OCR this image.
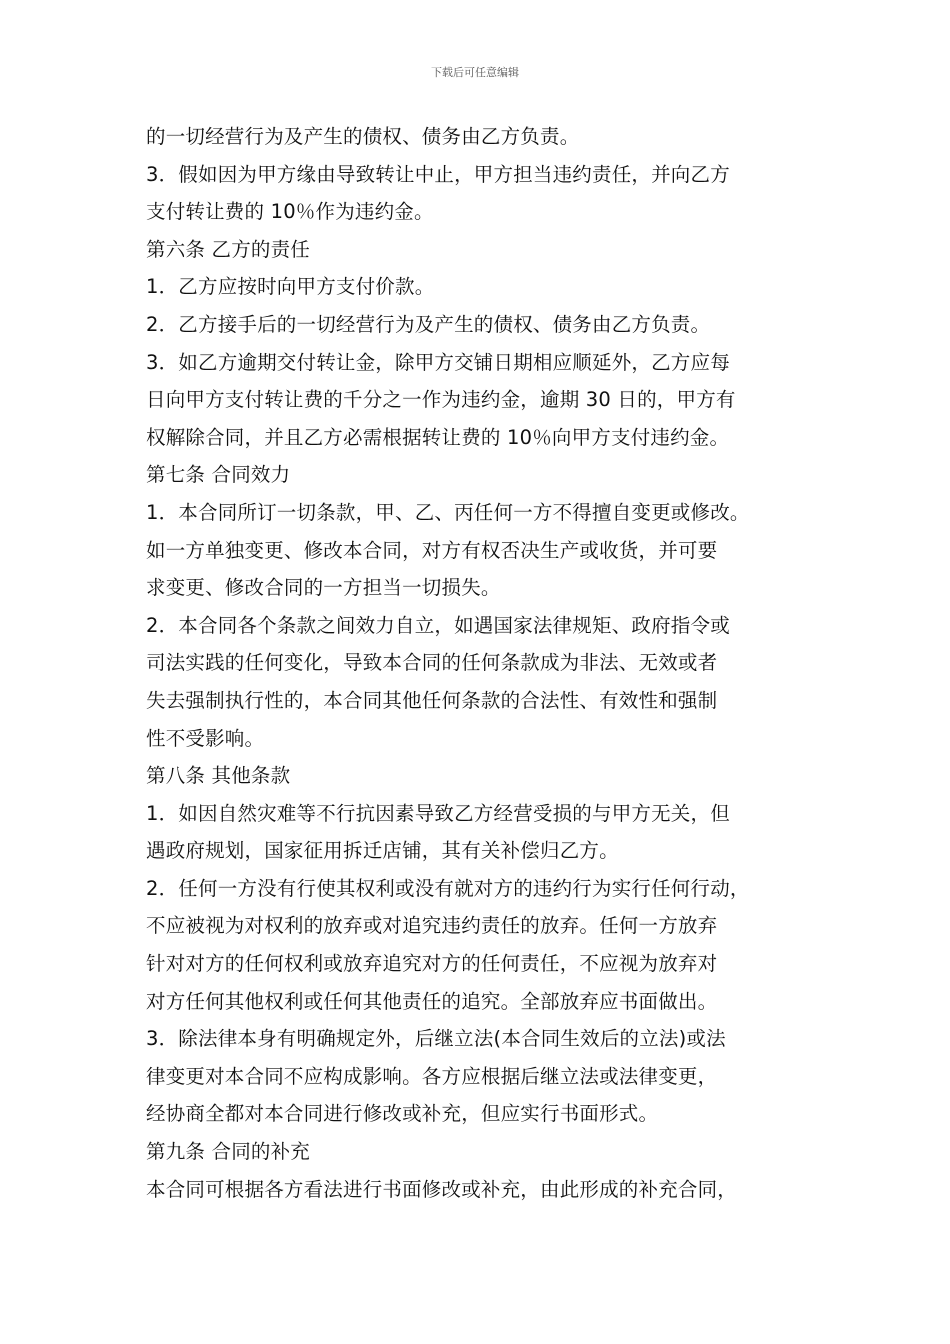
下载后可任意编辑
的一切经营行为及产生的债权、债务由乙方负责。
3．假如因为甲方缘由导致转让中止，甲方担当违约责任，并向乙方
支付转让费的 10％作为违约金。
第六条 乙方的责任
1．乙方应按时向甲方支付价款。
2．乙方接手后的一切经营行为及产生的债权、债务由乙方负责。
3．如乙方逾期交付转让金，除甲方交铺日期相应顺延外，乙方应每
日向甲方支付转让费的千分之一作为违约金，逾期 30 日的，甲方有
权解除合同，并且乙方必需根据转让费的 10％向甲方支付违约金。
第七条 合同效力
1．本合同所订一切条款，甲、乙、丙任何一方不得擅自变更或修改。
如一方单独变更、修改本合同，对方有权否决生产或收货，并可要
求变更、修改合同的一方担当一切损失。
2．本合同各个条款之间效力自立，如遇国家法律规矩、政府指令或
司法实践的任何变化，导致本合同的任何条款成为非法、无效或者
失去强制执行性的，本合同其他任何条款的合法性、有效性和强制
性不受影响。
第八条 其他条款
1．如因自然灾难等不行抗因素导致乙方经营受损的与甲方无关，但
遇政府规划，国家征用拆迁店铺，其有关补偿归乙方。
2．任何一方没有行使其权利或没有就对方的违约行为实行任何行动，
不应被视为对权利的放弃或对追究违约责任的放弃。任何一方放弃
针对对方的任何权利或放弃追究对方的任何责任，不应视为放弃对
对方任何其他权利或任何其他责任的追究。全部放弃应书面做出。
3．除法律本身有明确规定外，后继立法(本合同生效后的立法)或法
律变更对本合同不应构成影响。各方应根据后继立法或法律变更，
经协商全都对本合同进行修改或补充，但应实行书面形式。
第九条 合同的补充
本合同可根据各方看法进行书面修改或补充，由此形成的补充合同，
